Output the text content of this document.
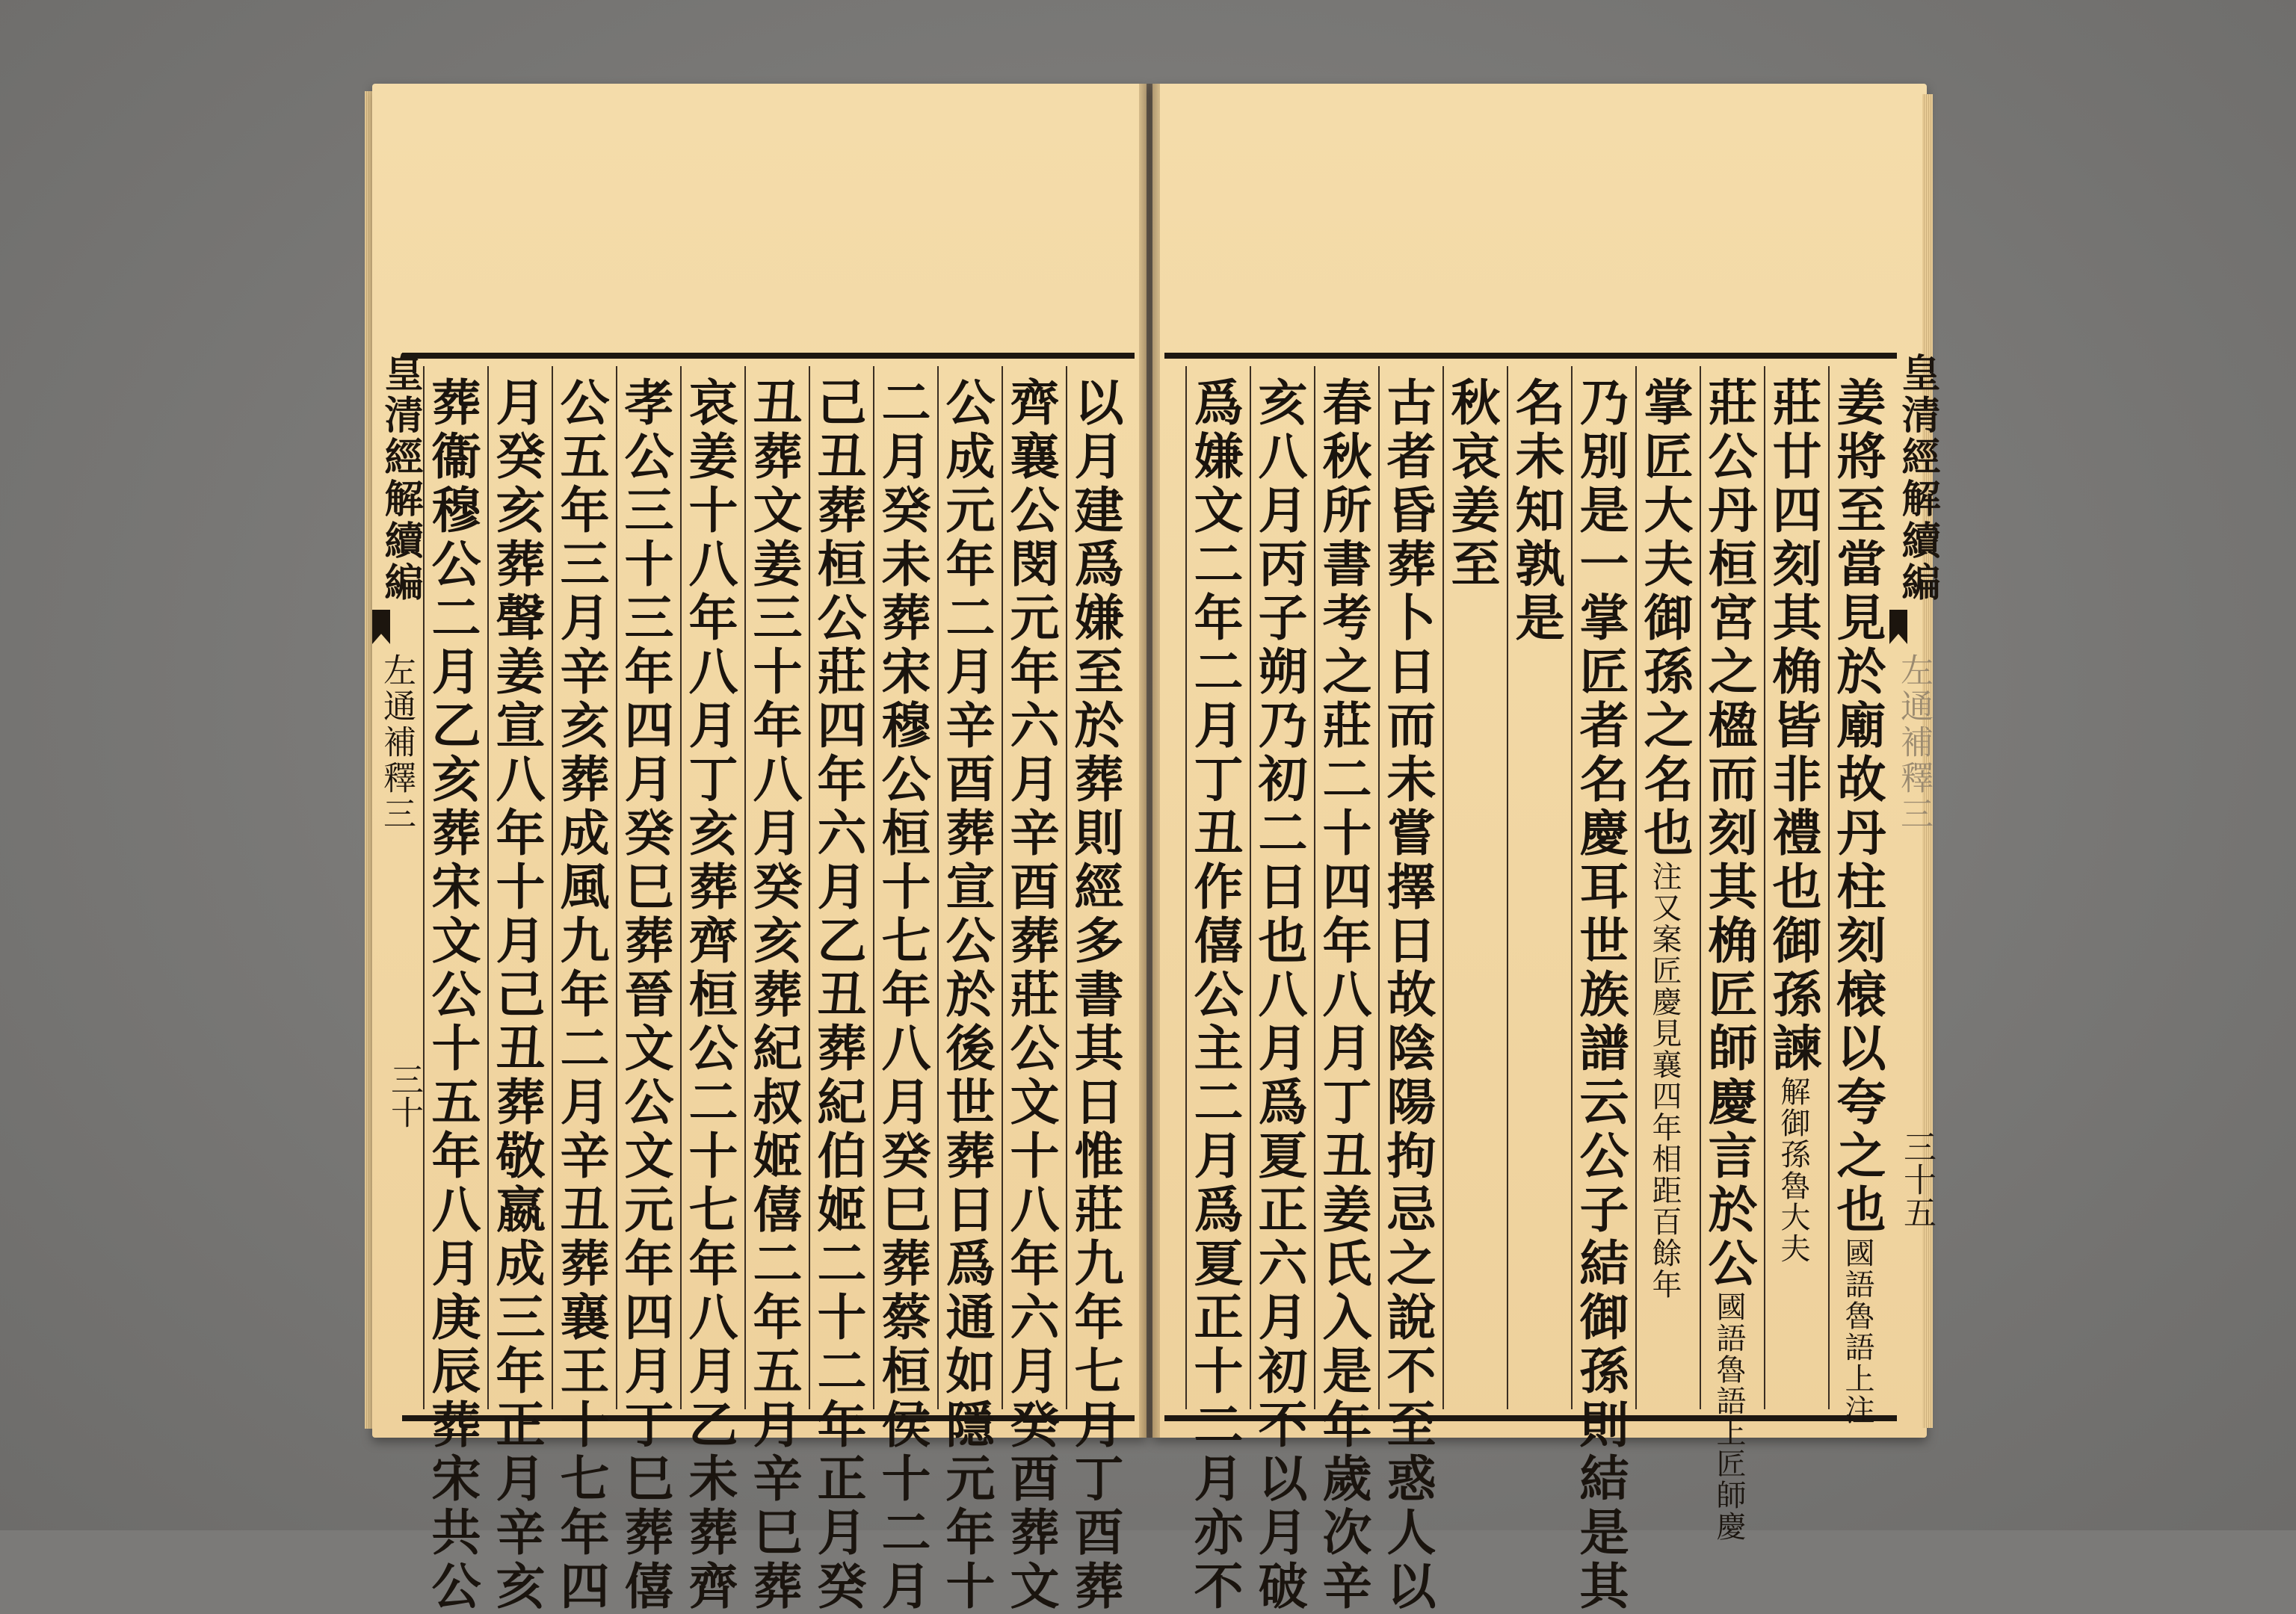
皇清經解續編
左通補釋三
三十	以月建爲嫌至於葬則經多書其日惟莊九年七月丁酉葬
齊襄公閔元年六月辛酉葬莊公文十八年六月癸酉葬文
公成元年二月辛酉葬宣公於後世葬日爲通如隱元年十
二月癸未葬宋穆公桓十七年八月癸巳葬蔡桓侯十二月
己丑葬桓公莊四年六月乙丑葬紀伯姬二十二年正月癸
丑葬文姜三十年八月癸亥葬紀叔姬僖二年五月辛巳葬
哀姜十八年八月丁亥葬齊桓公二十七年八月乙未葬齊
孝公三十三年四月癸巳葬晉文公文元年四月丁巳葬僖
公五年三月辛亥葬成風九年二月辛丑葬襄王十七年四
月癸亥葬聲姜宣八年十月己丑葬敬嬴成三年正月辛亥
葬衞穆公二月乙亥葬宋文公十五年八月庚辰葬宋共公	姜將至當見於廟故丹柱刻榱以夸之也國語魯語上注
莊廿四刻其桷皆非禮也御孫諫解御孫魯大夫
莊公丹桓宮之楹而刻其桷匠師慶言於公國語魯語上匠師慶
掌匠大夫御孫之名也注又案匠慶見襄四年相距百餘年
乃別是一掌匠者名慶耳世族譜云公子結御孫則結是其
名未知孰是
秋哀姜至
古者昏葬卜日而未嘗擇日故陰陽拘忌之說不至惑人以
春秋所書考之莊二十四年八月丁丑姜氏入是年歲次辛
亥八月丙子朔乃初二日也八月爲夏正六月初不以月破
爲嫌文二年二月丁丑作僖公主二月爲夏正十二月亦不	皇清經解續編
左通補釋三
三十五
